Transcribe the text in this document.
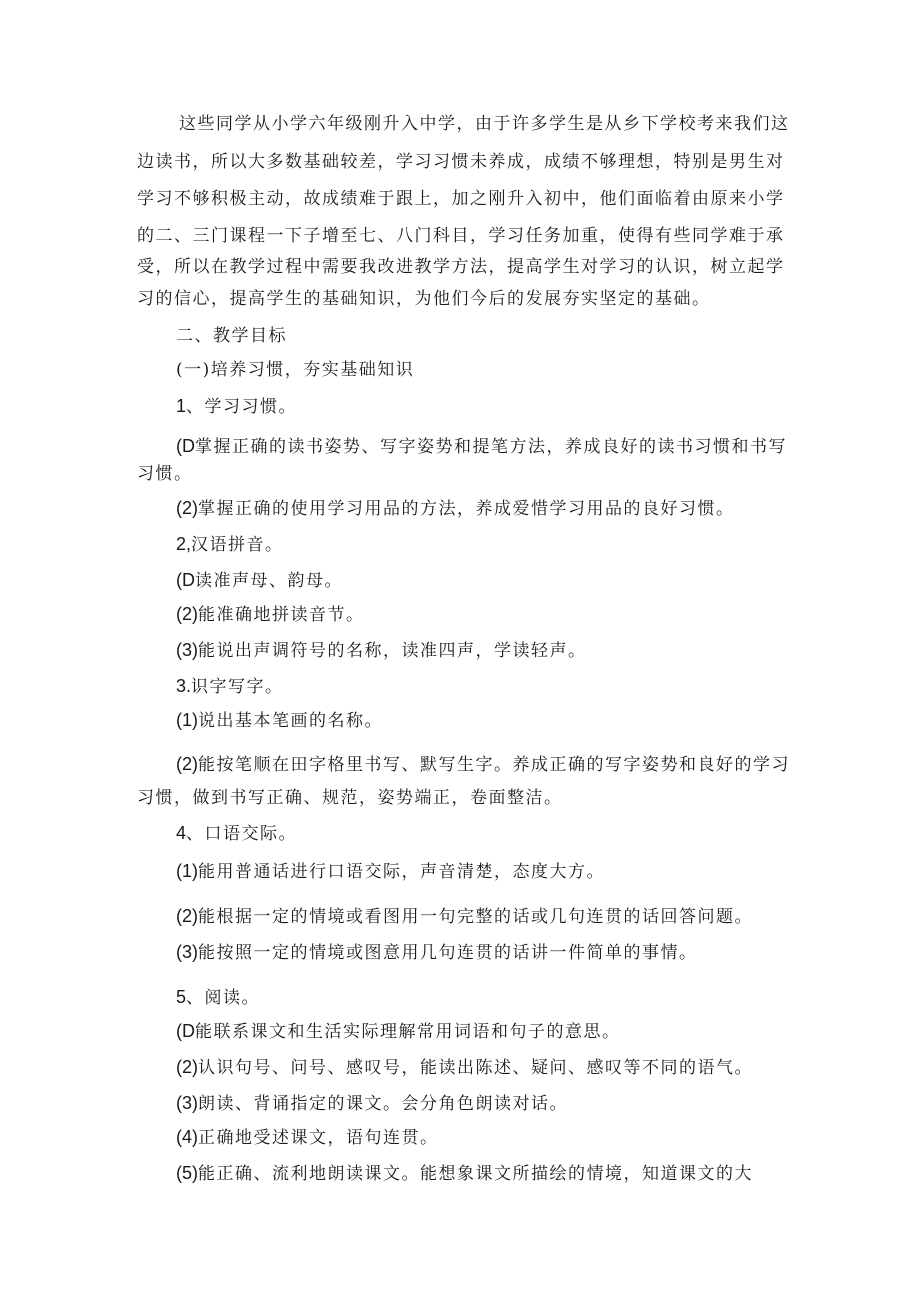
这些同学从小学六年级刚升入中学，由于许多学生是从乡下学校考来我们这
边读书，所以大多数基础较差，学习习惯未养成，成绩不够理想，特别是男生对
学习不够积极主动，故成绩难于跟上，加之刚升入初中，他们面临着由原来小学
的二、三门课程一下子增至七、八门科目，学习任务加重，使得有些同学难于承
受，所以在教学过程中需要我改进教学方法，提高学生对学习的认识，树立起学
习的信心，提高学生的基础知识，为他们今后的发展夯实坚定的基础。
二、教学目标
(一)培养习惯，夯实基础知识
1、学习习惯。
(D掌握正确的读书姿势、写字姿势和提笔方法，养成良好的读书习惯和书写
习惯。
(2)掌握正确的使用学习用品的方法，养成爱惜学习用品的良好习惯。
2,汉语拼音。
(D读准声母、韵母。
(2)能准确地拼读音节。
(3)能说出声调符号的名称，读准四声，学读轻声。
3.识字写字。
(1)说出基本笔画的名称。
(2)能按笔顺在田字格里书写、默写生字。养成正确的写字姿势和良好的学习
习惯，做到书写正确、规范，姿势端正，卷面整洁。
4、口语交际。
(1)能用普通话进行口语交际，声音清楚，态度大方。
(2)能根据一定的情境或看图用一句完整的话或几句连贯的话回答问题。
(3)能按照一定的情境或图意用几句连贯的话讲一件简单的事情。
5、阅读。
(D能联系课文和生活实际理解常用词语和句子的意思。
(2)认识句号、问号、感叹号，能读出陈述、疑问、感叹等不同的语气。
(3)朗读、背诵指定的课文。会分角色朗读对话。
(4)正确地受述课文，语句连贯。
(5)能正确、流利地朗读课文。能想象课文所描绘的情境，知道课文的大
